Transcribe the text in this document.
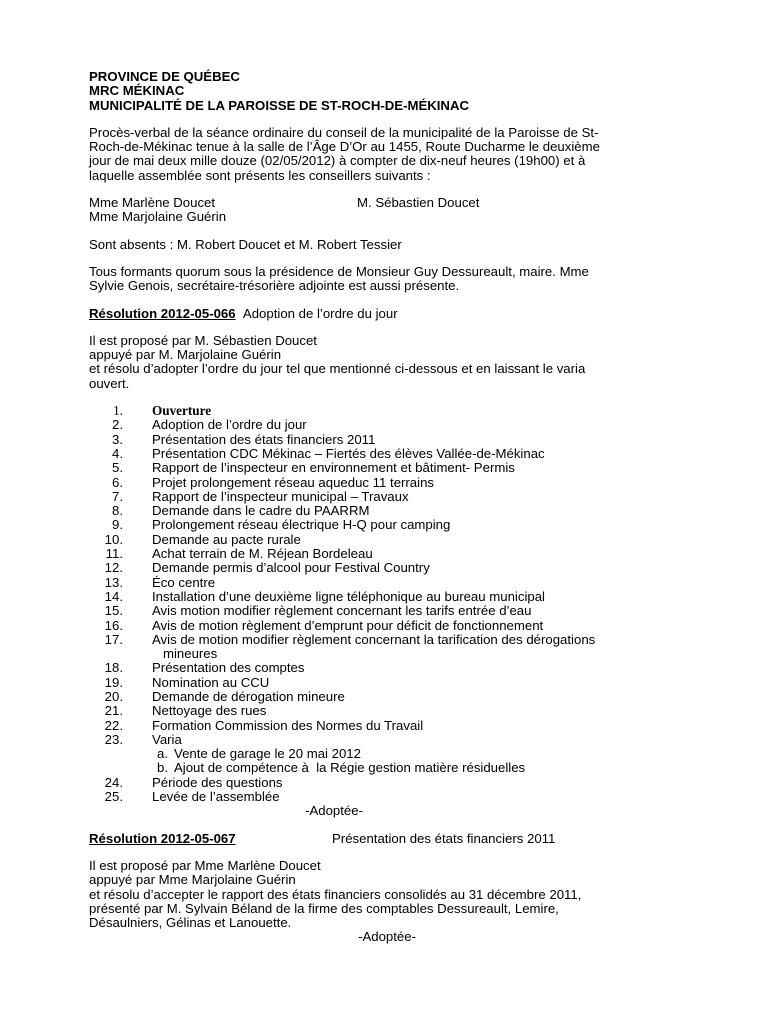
PROVINCE DE QUÉBEC
MRC MÉKINAC
MUNICIPALITÉ DE LA PAROISSE DE ST-ROCH-DE-MÉKINAC

Procès-verbal de la séance ordinaire du conseil de la municipalité de la Paroisse de St-

Roch-de-Mékinac tenue à la salle de l’Âge D’Or au 1455, Route Ducharme le deuxième

jour de mai deux mille douze (02/05/2012) à compter de dix-neuf heures (19h00) et à

laquelle assemblée sont présents les conseillers suivants :

Mme Marlène Doucet	M. Sébastien Doucet
Mme Marjolaine Guérin

Sont absents : M. Robert Doucet et M. Robert Tessier

Tous formants quorum sous la présidence de Monsieur Guy Dessureault, maire. Mme

Sylvie Genois, secrétaire-trésorière adjointe est aussi présente.

Résolution 2012-05-066 Adoption de l’ordre du jour

Il est proposé par M. Sébastien Doucet

appuyé par M. Marjolaine Guérin

et résolu d’adopter l’ordre du jour tel que mentionné ci-dessous et en laissant le varia

ouvert.

1.	Ouverture
2.	Adoption de l’ordre du jour
3.	Présentation des états financiers 2011
4.	Présentation CDC Mékinac – Fiertés des élèves Vallée-de-Mékinac
5.	Rapport de l’inspecteur en environnement et bâtiment- Permis
6.	Projet prolongement réseau aqueduc 11 terrains
7.	Rapport de l’inspecteur municipal – Travaux
8.	Demande dans le cadre du PAARRM
9.	Prolongement réseau électrique H-Q pour camping
10.	Demande au pacte rurale
11.	Achat terrain de M. Réjean Bordeleau
12.	Demande permis d’alcool pour Festival Country
13.	Éco centre
14.	Installation d’une deuxième ligne téléphonique au bureau municipal
15.	Avis motion modifier règlement concernant les tarifs entrée d’eau
16.	Avis de motion règlement d’emprunt pour déficit de fonctionnement
17.	Avis de motion modifier règlement concernant la tarification des dérogations
mineures
18.	Présentation des comptes
19.	Nomination au CCU
20.	Demande de dérogation mineure
21.	Nettoyage des rues
22.	Formation Commission des Normes du Travail
23.	Varia
a. Vente de garage le 20 mai 2012
b. Ajout de compétence à  la Régie gestion matière résiduelles
24.	Période des questions
25.	Levée de l’assemblée
-Adoptée-
Résolution 2012-05-067	Présentation des états financiers 2011

Il est proposé par Mme Marlène Doucet

appuyé par Mme Marjolaine Guérin

et résolu d’accepter le rapport des états financiers consolidés au 31 décembre 2011,

présenté par M. Sylvain Béland de la firme des comptables Dessureault, Lemire,

Désaulniers, Gélinas et Lanouette.

-Adoptée-
